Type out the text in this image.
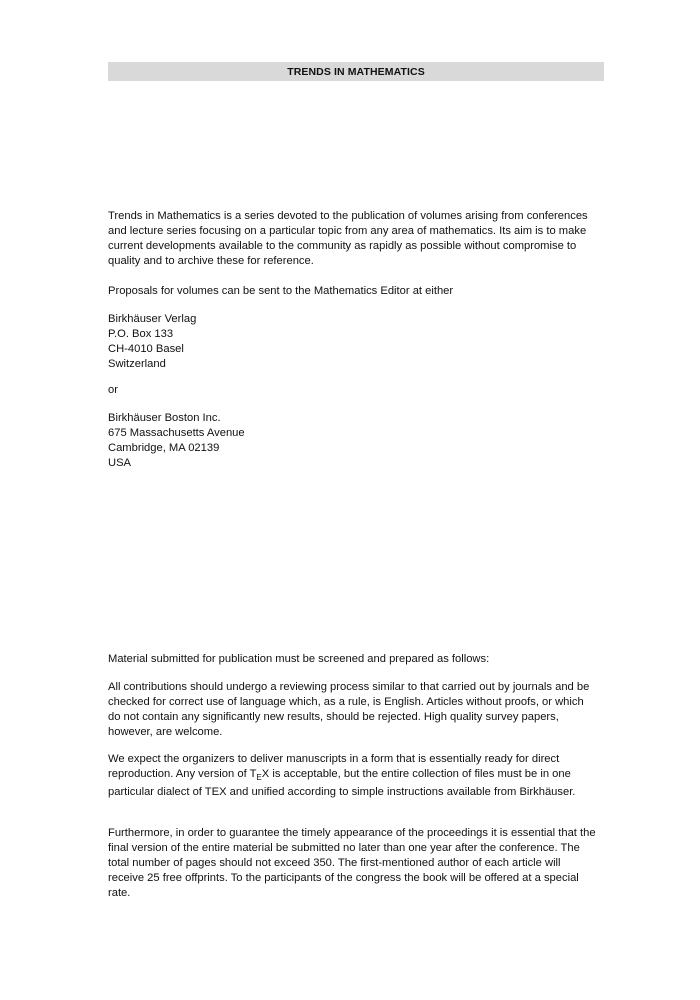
TRENDS IN MATHEMATICS

Trends in Mathematics is a series devoted to the publication of volumes arising from conferences and lecture series focusing on a particular topic from any area of mathematics. Its aim is to make current developments available to the community as rapidly as possible without compromise to quality and to archive these for reference.

Proposals for volumes can be sent to the Mathematics Editor at either

Birkhäuser Verlag
P.O. Box 133
CH-4010 Basel
Switzerland

or

Birkhäuser Boston Inc.
675 Massachusetts Avenue
Cambridge, MA 02139
USA

Material submitted for publication must be screened and prepared as follows:

All contributions should undergo a reviewing process similar to that carried out by journals and be checked for correct use of language which, as a rule, is English. Articles without proofs, or which do not contain any significantly new results, should be rejected. High quality survey papers, however, are welcome.

We expect the organizers to deliver manuscripts in a form that is essentially ready for direct reproduction. Any version of $T_EX$ is acceptable, but the entire collection of files must be in one particular dialect of TEX and unified according to simple instructions available from Birkhäuser.

Furthermore, in order to guarantee the timely appearance of the proceedings it is essential that the final version of the entire material be submitted no later than one year after the conference. The total number of pages should not exceed 350. The first-mentioned author of each article will receive 25 free offprints. To the participants of the congress the book will be offered at a special rate.
